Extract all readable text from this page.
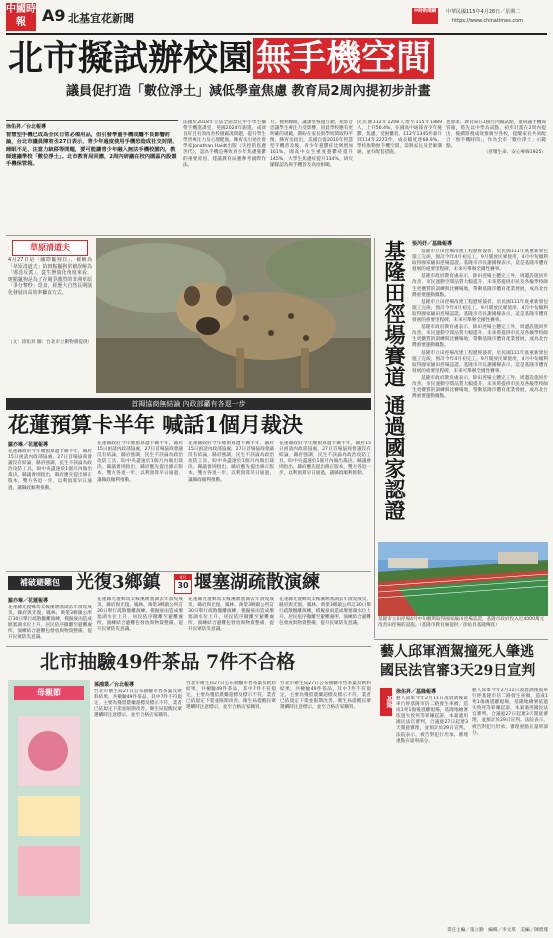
中國時報	A9 北基宜花新聞
中時新聞網	中華民國115年4月28日／星期二
https://www.chinatimes.com
北市擬試辦校園無手機空間
議員促打造「數位淨土」減低學童焦慮 教育局2周內提初步計畫
徐佑昇／台北報導
智慧型手機已成為全民日常必備用品，但引發學童手機成癮不良影響討論，台北市議員陳宥丞27日表示，青少年過度使用手機恐造成社交封閉、睡眠不足、注意力缺移等問題，要可能讓青少年融入無法手機校園內，教師建議學校「數位淨土」。北市教育局回應，2周內研議在校內園區內設置手機保管箱。
法國於2018年立法全面禁止中小學生攜帶手機進課堂，英國2024年跟進，成效良好且有效改善校園霸凌問題，提升學生學習專注力及心理健康。陳宥丞引述社會學家Jonathan Haidt出版《失控的焦慮世代》，認為手機是導致青少年焦慮憂鬱的重要原因，建議教育局應參考國際作法。
方、便利睡眠，讓課堂恢復互動，短影音恐讓學生專注力受影響，因此學校應有更明確的規範，期盼在家長與學校間取得平衡。陳宥丞指出，美國自從2010年智慧型手機普及後，青少年憂鬱症比例增加161%，國高中女生重度憂鬱症提升145%，大學生焦慮症提升134%，研究團隊認為與手機普及高度相關。
民民國112年1208人增至115年1889人，上升56.4%，在國高中通報青少年憂鬱、焦慮、受困擾者，112年1345件暴升到114年2272件，成長幅度達68.9%。學校推動無手機空間，需與家長及老師溝通，並有配套措施。
也會求，教育局在1個月內擬試點，並研議手機保管箱，將先以中學為試點，初步計畫在2周內提出，後續將視成效推廣至各校，提醒家長共同配合「無手機時間」，作為全市「數位淨土」示範點。

（慈懷生命、安心專線1925）
草原清道夫
4月27日是「國際鬣狗日」，被稱為「草原清道夫」的斑點鬣狗常被誤解為「邪惡反派」，從生態演化角度來看，斑點鬣狗是為了在競爭激烈的非洲草原「爭分奪秒」覓食，經歷大自然長期演化發展出高效率攝食方式。
（文：徐佑昇 圖：台北市立動物園提供）
首揭協商無結論 內政部籲有各退一步
花蓮預算卡半年 喊話1個月裁決
羅亦琳／花蓮報導
花蓮縣政府今年總預算遭卡關半年，縣府15日函請內政部協處，27日首場協商會議沒有結論，縣府強調，民生不該淪為政治攻防工具，盼中央盡速於1個月內做出裁決。縣議會則指出，縣府應先提出修正版本，雙方各退一步，以利預算早日通過，讓縣政順利推動。
花蓮縣政府今年總預算遭卡關半年，縣府15日函請內政部協處，27日首場協商會議沒有結論，縣府強調，民生不該淪為政治攻防工具，盼中央盡速於1個月內做出裁決。縣議會則指出，縣府應先提出修正版本，雙方各退一步，以利預算早日通過，讓縣政順利推動。
花蓮縣政府今年總預算遭卡關半年，縣府15日函請內政部協處，27日首場協商會議沒有結論，縣府強調，民生不該淪為政治攻防工具，盼中央盡速於1個月內做出裁決。縣議會則指出，縣府應先提出修正版本，雙方各退一步，以利預算早日通過，讓縣政順利推動。
花蓮縣政府今年總預算遭卡關半年，縣府15日函請內政部協處，27日首場協商會議沒有結論，縣府強調，民生不該淪為政治攻防工具，盼中央盡速於1個月內做出裁決。縣議會則指出，縣府應先提出修正版本，雙方各退一步，以利預算早日通過，讓縣政順利推動。 基隆田徑場賽道 通過國家認證 張芮妤／基隆報導

基隆市立田徑場改建工程歷經波折，於民國111年底重新發包施工完竣，預計今年4月初完工，9月開放民眾使用，4月中旬順利取得國家級田徑場認證。基隆市市長謝國樑表示，這是基隆市體育發展的重要里程碑，未來可舉辦全國性賽事。

基隆市政府教育處表示，除田徑場主體完工外，周邊設施同步改善，市民運動空間品質大幅提升，未來將提供市民及各級學校師生更優質的訓練與比賽場地，帶動基隆市體育產業發展，成為北台灣重要運動據點。

基隆市立田徑場改建工程歷經波折，於民國111年底重新發包施工完竣，預計今年4月初完工，9月開放民眾使用，4月中旬順利取得國家級田徑場認證。基隆市市長謝國樑表示，這是基隆市體育發展的重要里程碑，未來可舉辦全國性賽事。

基隆市政府教育處表示，除田徑場主體完工外，周邊設施同步改善，市民運動空間品質大幅提升，未來將提供市民及各級學校師生更優質的訓練與比賽場地，帶動基隆市體育產業發展，成為北台灣重要運動據點。

基隆市立田徑場改建工程歷經波折，於民國111年底重新發包施工完竣，預計今年4月初完工，9月開放民眾使用，4月中旬順利取得國家級田徑場認證。基隆市市長謝國樑表示，這是基隆市體育發展的重要里程碑，未來可舉辦全國性賽事。

基隆市政府教育處表示，除田徑場主體完工外，周邊設施同步改善，市民運動空間品質大幅提升，未來將提供市民及各級學校師生更優質的訓練與比賽場地，帶動基隆市體育產業發展，成為北台灣重要運動據點。

基隆市立田徑場4月中旬順利取得國家級田徑場認證，基隆市政府投入近4000萬元改善田徑場的設施。（基隆市教育處提供／徐佑昇基隆傳真）
補破避難包 光復3鄉鎮	4月
30 堰塞湖疏散演練
羅亦琳／花蓮報導
花蓮縣光復鄉馬太鞍溪堰塞湖去年潰堤成災，縣府與光復、鳳林、萬榮3鄉鎮公所訂30日舉行疏散撤離演練，模擬豪雨造成堰塞湖水位上升，居民依序撤離至避難處所，演練結合避難包發放與物資整備，提升民眾防災意識。
花蓮縣光復鄉馬太鞍溪堰塞湖去年潰堤成災，縣府與光復、鳳林、萬榮3鄉鎮公所訂30日舉行疏散撤離演練，模擬豪雨造成堰塞湖水位上升，居民依序撤離至避難處所，演練結合避難包發放與物資整備，提升民眾防災意識。
花蓮縣光復鄉馬太鞍溪堰塞湖去年潰堤成災，縣府與光復、鳳林、萬榮3鄉鎮公所訂30日舉行疏散撤離演練，模擬豪雨造成堰塞湖水位上升，居民依序撤離至避難處所，演練結合避難包發放與物資整備，提升民眾防災意識。
花蓮縣光復鄉馬太鞍溪堰塞湖去年潰堤成災，縣府與光復、鳳林、萬榮3鄉鎮公所訂30日舉行疏散撤離演練，模擬豪雨造成堰塞湖水位上升，居民依序撤離至避難處所，演練結合避難包發放與物資整備，提升民眾防災意識。
藝人邱軍酒駕撞死人肇逃
國民法官審3天29日宣判
基隆
徐佑昇／基隆報導
藝人邱軍今年2月11日凌晨酒後駕車行經基隆市信二路發生車禍，造成1死1傷後逃離現場，基隆地檢署依過失致死等罪嫌起訴，本案適用國民法官審判，合議庭27日起連3天開庭審理，並預計於29日宣判。法院表示，被告對犯行坦承，審理重點在量刑部分。
藝人邱軍今年2月11日凌晨酒後駕車行經基隆市信二路發生車禍，造成1死1傷後逃離現場，基隆地檢署依過失致死等罪嫌起訴，本案適用國民法官審判，合議庭27日起連3天開庭審理，並預計於29日宣判。法院表示，被告對犯行坦承，審理重點在量刑部分。
北市抽驗49件茶品 7件不合格
母親節
孫鴻業／台北報導
台北市衛生局27日公布抽驗市售茶葉及飲料結果，共檢驗49件茶品，其中7件不符規定，主要為殘留農藥超標及標示不符，業者已依規定下架並限期改善。衛生局提醒民眾選購時注意標示，並至合格店家購買。
台北市衛生局27日公布抽驗市售茶葉及飲料結果，共檢驗49件茶品，其中7件不符規定，主要為殘留農藥超標及標示不符，業者已依規定下架並限期改善。衛生局提醒民眾選購時注意標示，並至合格店家購買。
台北市衛生局27日公布抽驗市售茶葉及飲料結果，共檢驗49件茶品，其中7件不符規定，主要為殘留農藥超標及標示不符，業者已依規定下架並限期改善。衛生局提醒民眾選購時注意標示，並至合格店家購買。
責任主編／張立勤　編輯／李文琪　美編／陳碧瑾
